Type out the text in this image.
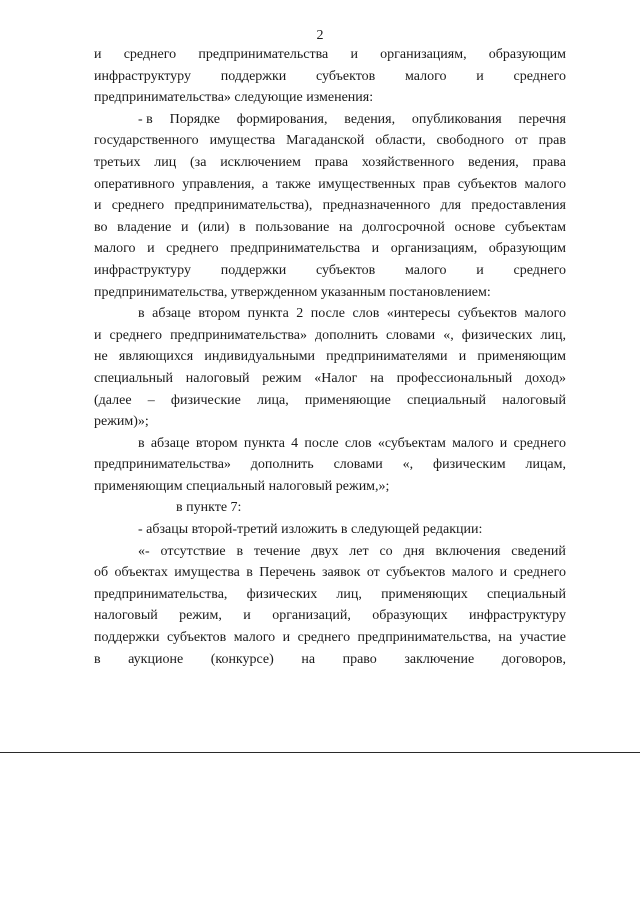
2
и среднего предпринимательства и организациям, образующим
инфраструктуру поддержки субъектов малого и среднего
предпринимательства» следующие изменения:
- в Порядке формирования, ведения, опубликования перечня
государственного имущества Магаданской области, свободного от прав
третьих лиц (за исключением права хозяйственного ведения, права
оперативного управления, а также имущественных прав субъектов малого
и среднего предпринимательства), предназначенного для предоставления
во владение и (или) в пользование на долгосрочной основе субъектам
малого и среднего предпринимательства и организациям, образующим
инфраструктуру поддержки субъектов малого и среднего
предпринимательства, утвержденном указанным постановлением:
в абзаце втором пункта 2 после слов «интересы субъектов малого
и среднего предпринимательства» дополнить словами «, физических лиц,
не являющихся индивидуальными предпринимателями и применяющим
специальный налоговый режим «Налог на профессиональный доход»
(далее – физические лица, применяющие специальный налоговый
режим)»;
в абзаце втором пункта 4 после слов «субъектам малого и среднего
предпринимательства» дополнить словами «, физическим лицам,
применяющим специальный налоговый режим,»;
в пункте 7:
- абзацы второй-третий изложить в следующей редакции:
«- отсутствие в течение двух лет со дня включения сведений
об объектах имущества в Перечень заявок от субъектов малого и среднего
предпринимательства, физических лиц, применяющих специальный
налоговый режим, и организаций, образующих инфраструктуру
поддержки субъектов малого и среднего предпринимательства, на участие
в аукционе (конкурсе) на право заключение договоров,
